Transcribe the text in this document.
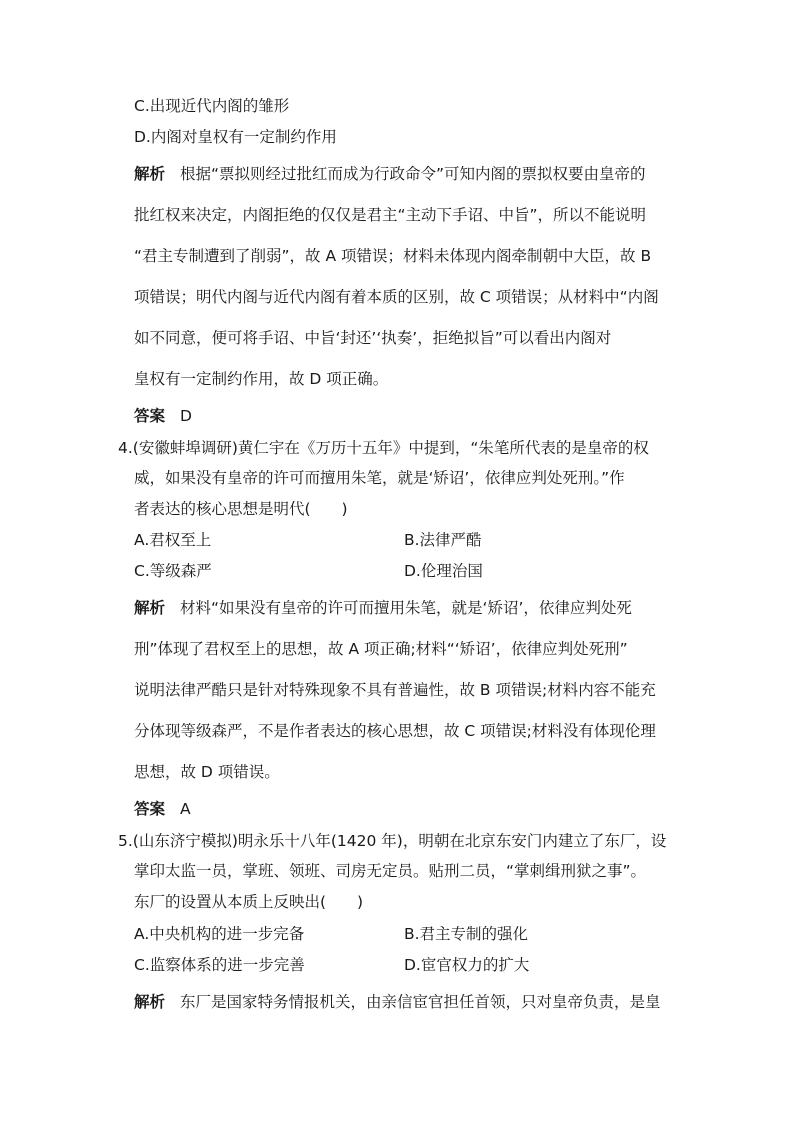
C.出现近代内阁的雏形
D.内阁对皇权有一定制约作用
解析 根据“票拟则经过批红而成为行政命令”可知内阁的票拟权要由皇帝的
批红权来决定，内阁拒绝的仅仅是君主“主动下手诏、中旨”，所以不能说明
“君主专制遭到了削弱”，故 A 项错误；材料未体现内阁牵制朝中大臣，故 B
项错误；明代内阁与近代内阁有着本质的区别，故 C 项错误；从材料中“内阁
如不同意，便可将手诏、中旨‘封还’‘执奏’，拒绝拟旨”可以看出内阁对
皇权有一定制约作用，故 D 项正确。
答案 D
4.(安徽蚌埠调研)黄仁宇在《万历十五年》中提到，“朱笔所代表的是皇帝的权
威，如果没有皇帝的许可而擅用朱笔，就是‘矫诏’，依律应判处死刑。”作
者表达的核心思想是明代(　　)
A.君权至上	B.法律严酷
C.等级森严	D.伦理治国
解析 材料“如果没有皇帝的许可而擅用朱笔，就是‘矫诏’，依律应判处死
刑”体现了君权至上的思想，故 A 项正确;材料“‘矫诏’，依律应判处死刑”
说明法律严酷只是针对特殊现象不具有普遍性，故 B 项错误;材料内容不能充
分体现等级森严，不是作者表达的核心思想，故 C 项错误;材料没有体现伦理
思想，故 D 项错误。
答案 A
5.(山东济宁模拟)明永乐十八年(1420 年)，明朝在北京东安门内建立了东厂，设
掌印太监一员，掌班、领班、司房无定员。贴刑二员，“掌刺缉刑狱之事”。
东厂的设置从本质上反映出(　　)
A.中央机构的进一步完备	B.君主专制的强化
C.监察体系的进一步完善	D.宦官权力的扩大
解析 东厂是国家特务情报机关，由亲信宦官担任首领，只对皇帝负责，是皇
